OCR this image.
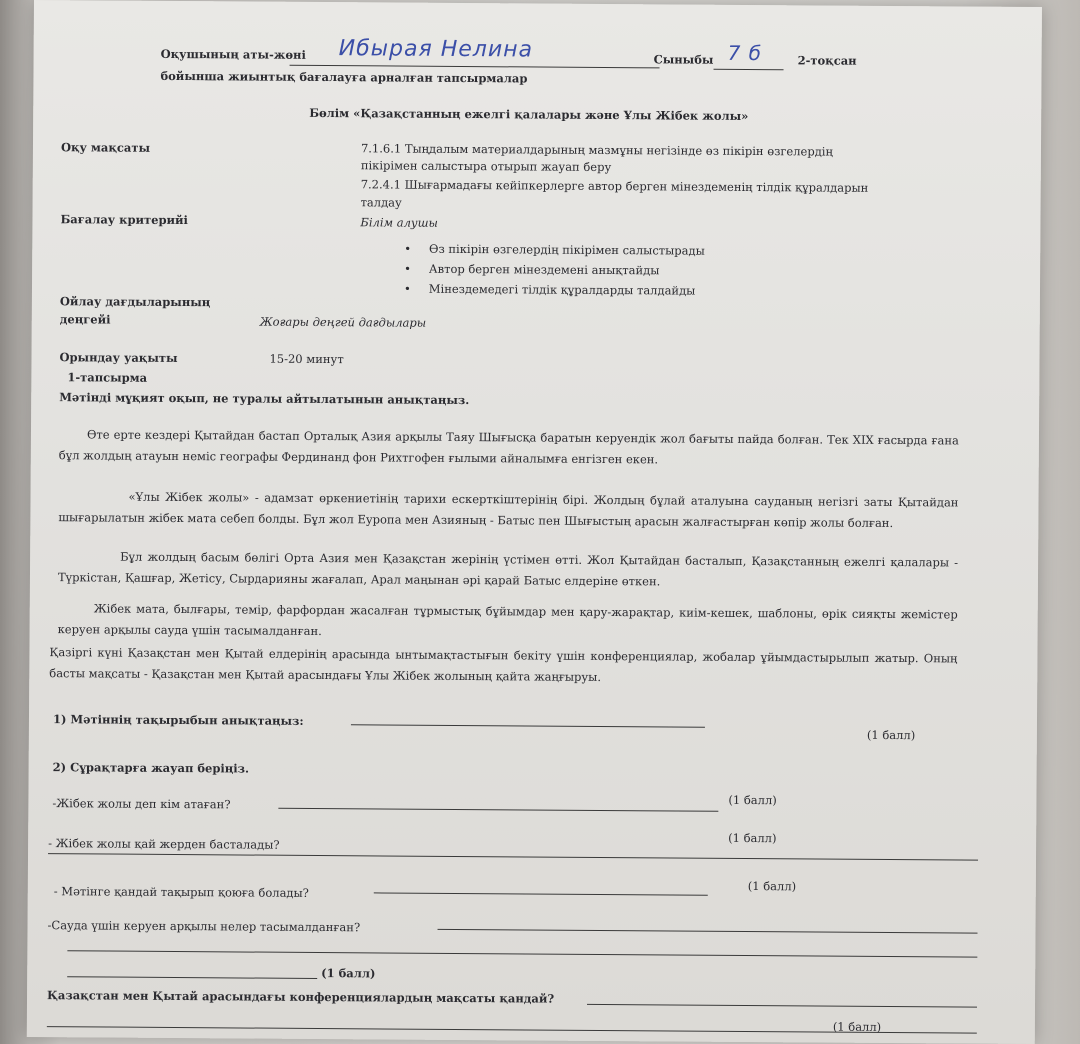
Оқушының аты-жөні Ибырая Нелина	Сыныбы 7 б	2-тоқсан
бойынша жиынтық бағалауға арналған тапсырмалар
Бөлім «Қазақстанның ежелгі қалалары және Ұлы Жібек жолы»
Оқу мақсаты	7.1.6.1 Тыңдалым материалдарының мазмұны негізінде өз пікірін өзгелердің
пікірімен салыстыра отырып жауап беру
7.2.4.1 Шығармадағы кейіпкерлерге автор берген мінездеменің тілдік құралдарын
талдау
Бағалау критерийі	Білім алушы
• Өз пікірін өзгелердің пікірімен салыстырады
• Автор берген мінездемені анықтайды
• Мінездемедегі тілдік құралдарды талдайды
Ойлау дағдыларының
деңгейі	Жоғары деңгей дағдылары
Орындау уақыты	15-20 минут
1-тапсырма
Мәтінді мұқият оқып, не туралы айтылатынын анықтаңыз.
Өте ерте кездері Қытайдан бастап Орталық Азия арқылы Таяу Шығысқа баратын керуендік жол бағыты пайда болған. Тек XIX ғасырда ғана бұл жолдың атауын неміс географы Фердинанд фон Рихтгофен ғылыми айналымға енгізген екен.
«Ұлы Жібек жолы» - адамзат өркениетінің тарихи ескерткіштерінің бірі. Жолдың бұлай аталуына сауданың негізгі заты Қытайдан шығарылатын жібек мата себеп болды. Бұл жол Еуропа мен Азияның - Батыс пен Шығыстың арасын жалғастырған көпір жолы болған.
Бұл жолдың басым бөлігі Орта Азия мен Қазақстан жерінің үстімен өтті. Жол Қытайдан басталып, Қазақстанның ежелгі қалалары - Түркістан, Қашғар, Жетісу, Сырдарияны жағалап, Арал маңынан әрі қарай Батыс елдеріне өткен.
Жібек мата, былғары, темір, фарфордан жасалған тұрмыстық бұйымдар мен қару-жарақтар, киім-кешек, шаблоны, өрік сияқты жемістер керуен арқылы сауда үшін тасымалданған.
Қазіргі күні Қазақстан мен Қытай елдерінің арасында ынтымақтастығын бекіту үшін конференциялар, жобалар ұйымдастырылып жатыр. Оның басты мақсаты - Қазақстан мен Қытай арасындағы Ұлы Жібек жолының қайта жаңғыруы.
1) Мәтіннің тақырыбын анықтаңыз:
(1 балл)
2) Сұрақтарға жауап беріңіз.
-Жібек жолы деп кім атаған?	(1 балл)
- Жібек жолы қай жерден басталады?	(1 балл)
- Мәтінге қандай тақырып қоюға болады?	(1 балл)
-Сауда үшін керуен арқылы нелер тасымалданған?
(1 балл)
Қазақстан мен Қытай арасындағы конференциялардың мақсаты қандай?
(1 балл)
